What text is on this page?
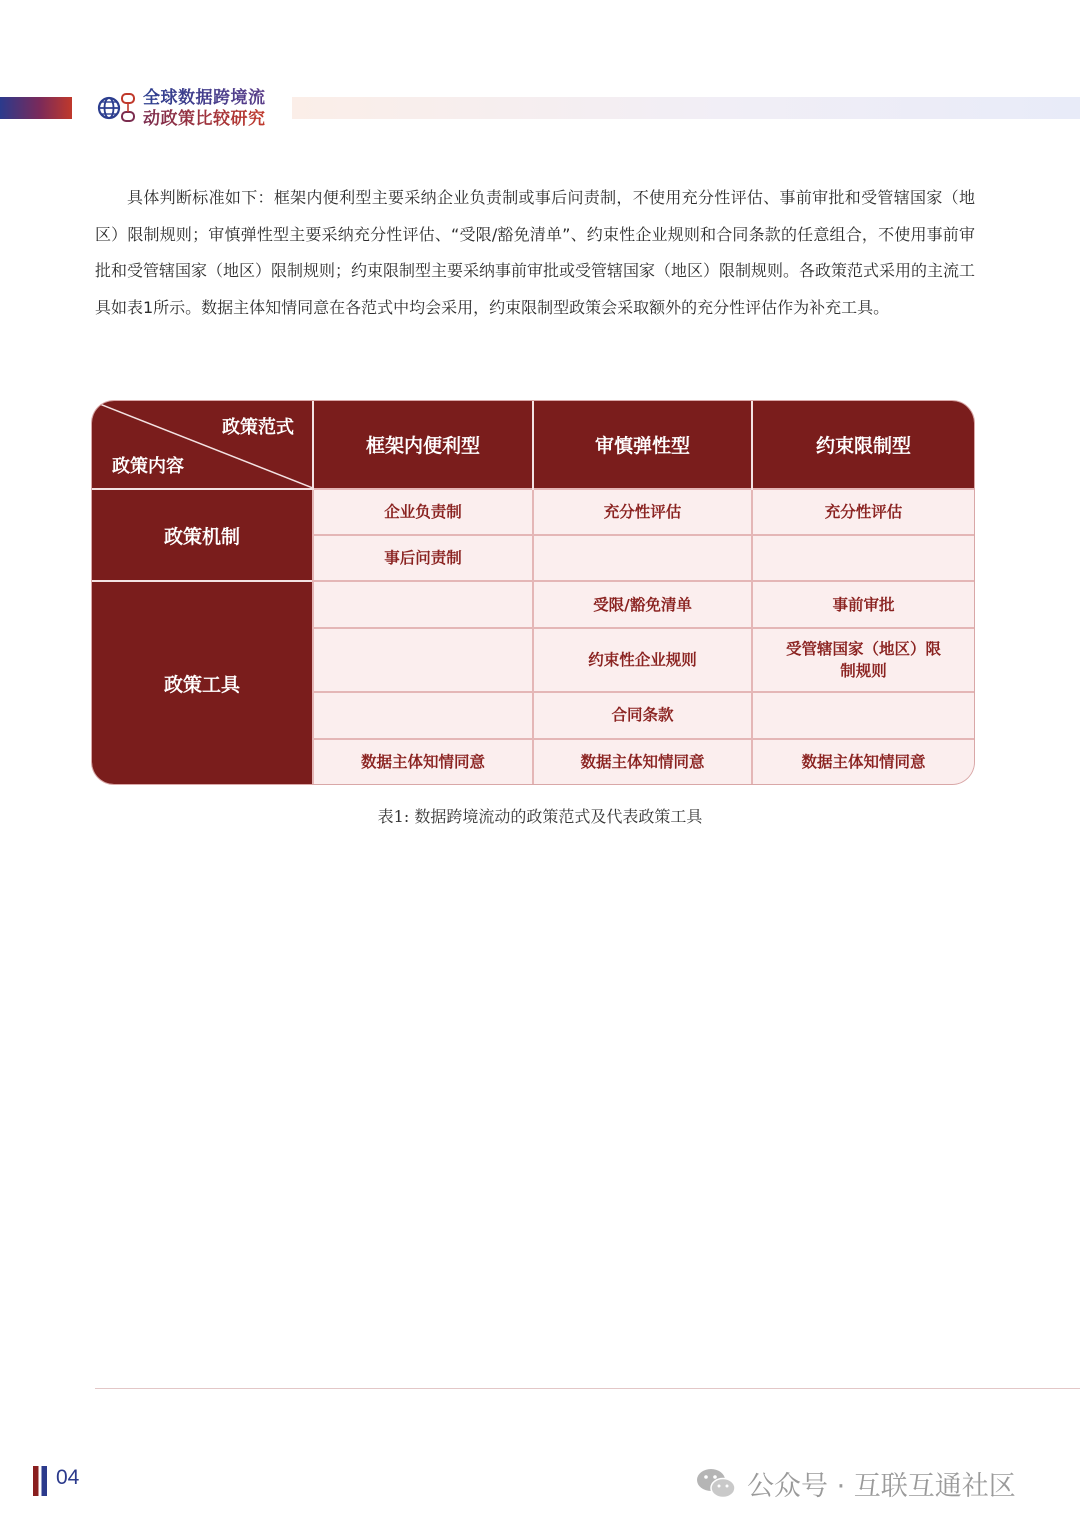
全球数据跨境流
动政策比较研究

具体判断标准如下：框架内便利型主要采纳企业负责制或事后问责制，不使用充分性评估、事前审批和受管辖国家（地区）限制规则；审慎弹性型主要采纳充分性评估、“受限/豁免清单”、约束性企业规则和合同条款的任意组合，不使用事前审批和受管辖国家（地区）限制规则；约束限制型主要采纳事前审批或受管辖国家（地区）限制规则。各政策范式采用的主流工具如表1所示。数据主体知情同意在各范式中均会采用，约束限制型政策会采取额外的充分性评估作为补充工具。

政策范式
政策内容	框架内便利型	审慎弹性型	约束限制型
政策机制	企业负责制	充分性评估	充分性评估
	事后问责制		
政策工具		受限/豁免清单	事前审批
		约束性企业规则	受管辖国家（地区）限制规则
		合同条款	
	数据主体知情同意	数据主体知情同意	数据主体知情同意
表1: 数据跨境流动的政策范式及代表政策工具
04	公众号 · 互联互通社区
